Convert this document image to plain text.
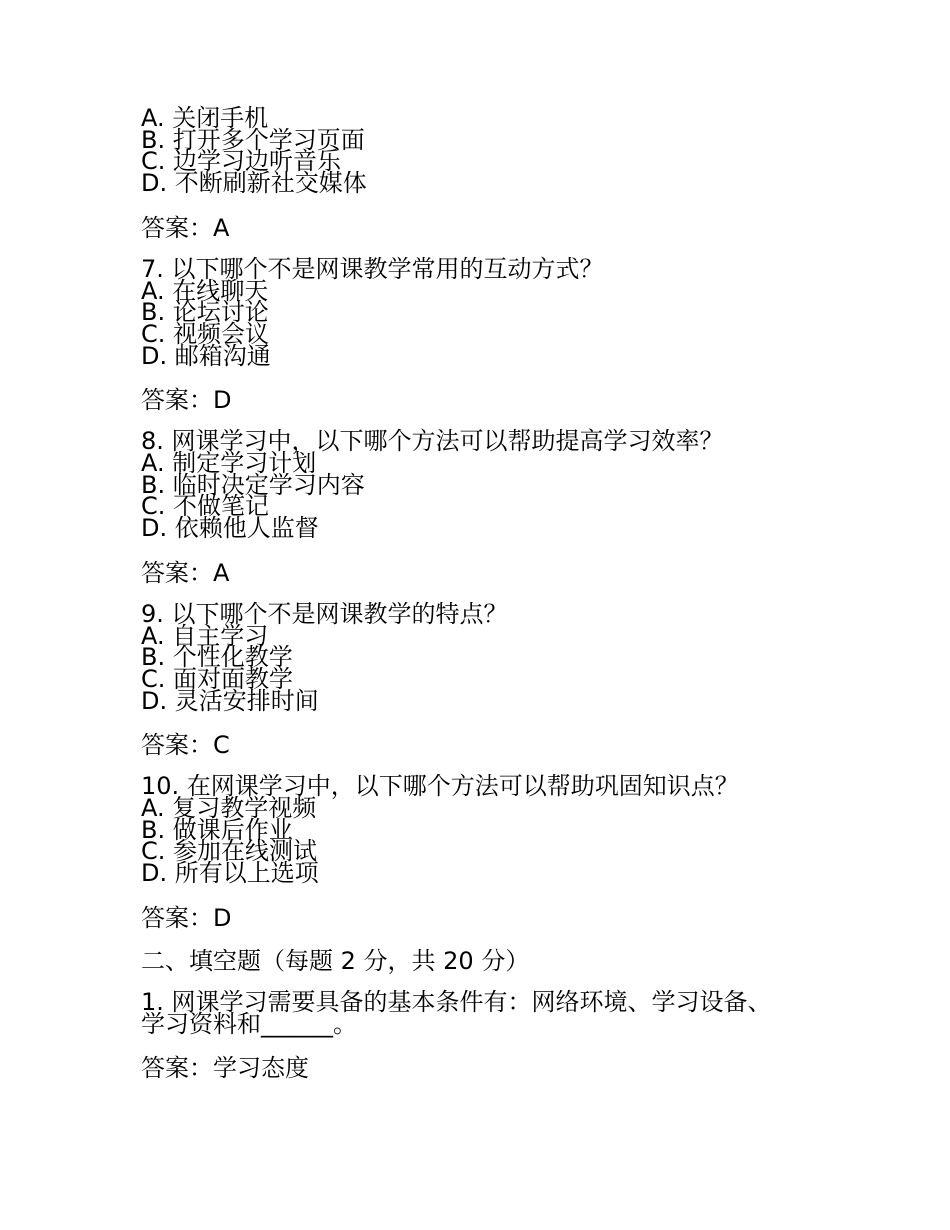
A. 关闭手机
B. 打开多个学习页面
C. 边学习边听音乐
D. 不断刷新社交媒体
答案：A
7. 以下哪个不是网课教学常用的互动方式？
A. 在线聊天
B. 论坛讨论
C. 视频会议
D. 邮箱沟通
答案：D
8. 网课学习中，以下哪个方法可以帮助提高学习效率？
A. 制定学习计划
B. 临时决定学习内容
C. 不做笔记
D. 依赖他人监督
答案：A
9. 以下哪个不是网课教学的特点？
A. 自主学习
B. 个性化教学
C. 面对面教学
D. 灵活安排时间
答案：C
10. 在网课学习中，以下哪个方法可以帮助巩固知识点？
A. 复习教学视频
B. 做课后作业
C. 参加在线测试
D. 所有以上选项
答案：D
二、填空题（每题 2 分，共 20 分）
1. 网课学习需要具备的基本条件有：网络环境、学习设备、
学习资料和______。
答案：学习态度
